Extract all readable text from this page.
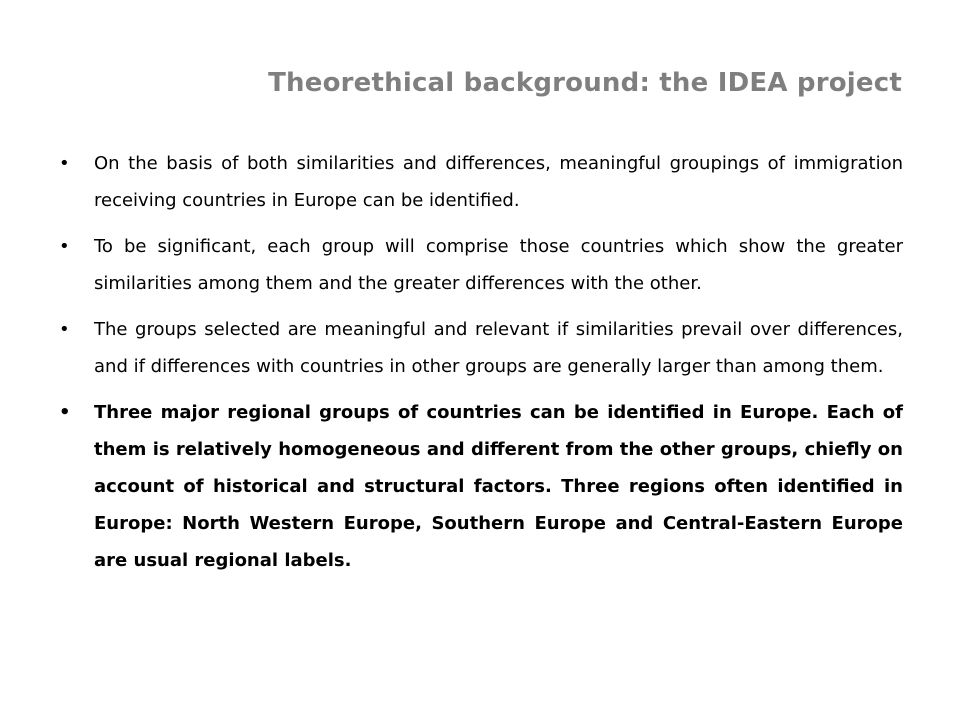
Theorethical background: the IDEA project
•	On the basis of both similarities and differences, meaningful groupings of immigration receiving countries in Europe can be identified.
•	To be significant, each group will comprise those countries which show the greater similarities among them and the greater differences with the other.
•	The groups selected are meaningful and relevant if similarities prevail over differences, and if differences with countries in other groups are generally larger than among them.
•	Three major regional groups of countries can be identified in Europe. Each of them is relatively homogeneous and different from the other groups, chiefly on account of historical and structural factors. Three regions often identified in Europe: North Western Europe, Southern Europe and Central-Eastern Europe are usual regional labels.
